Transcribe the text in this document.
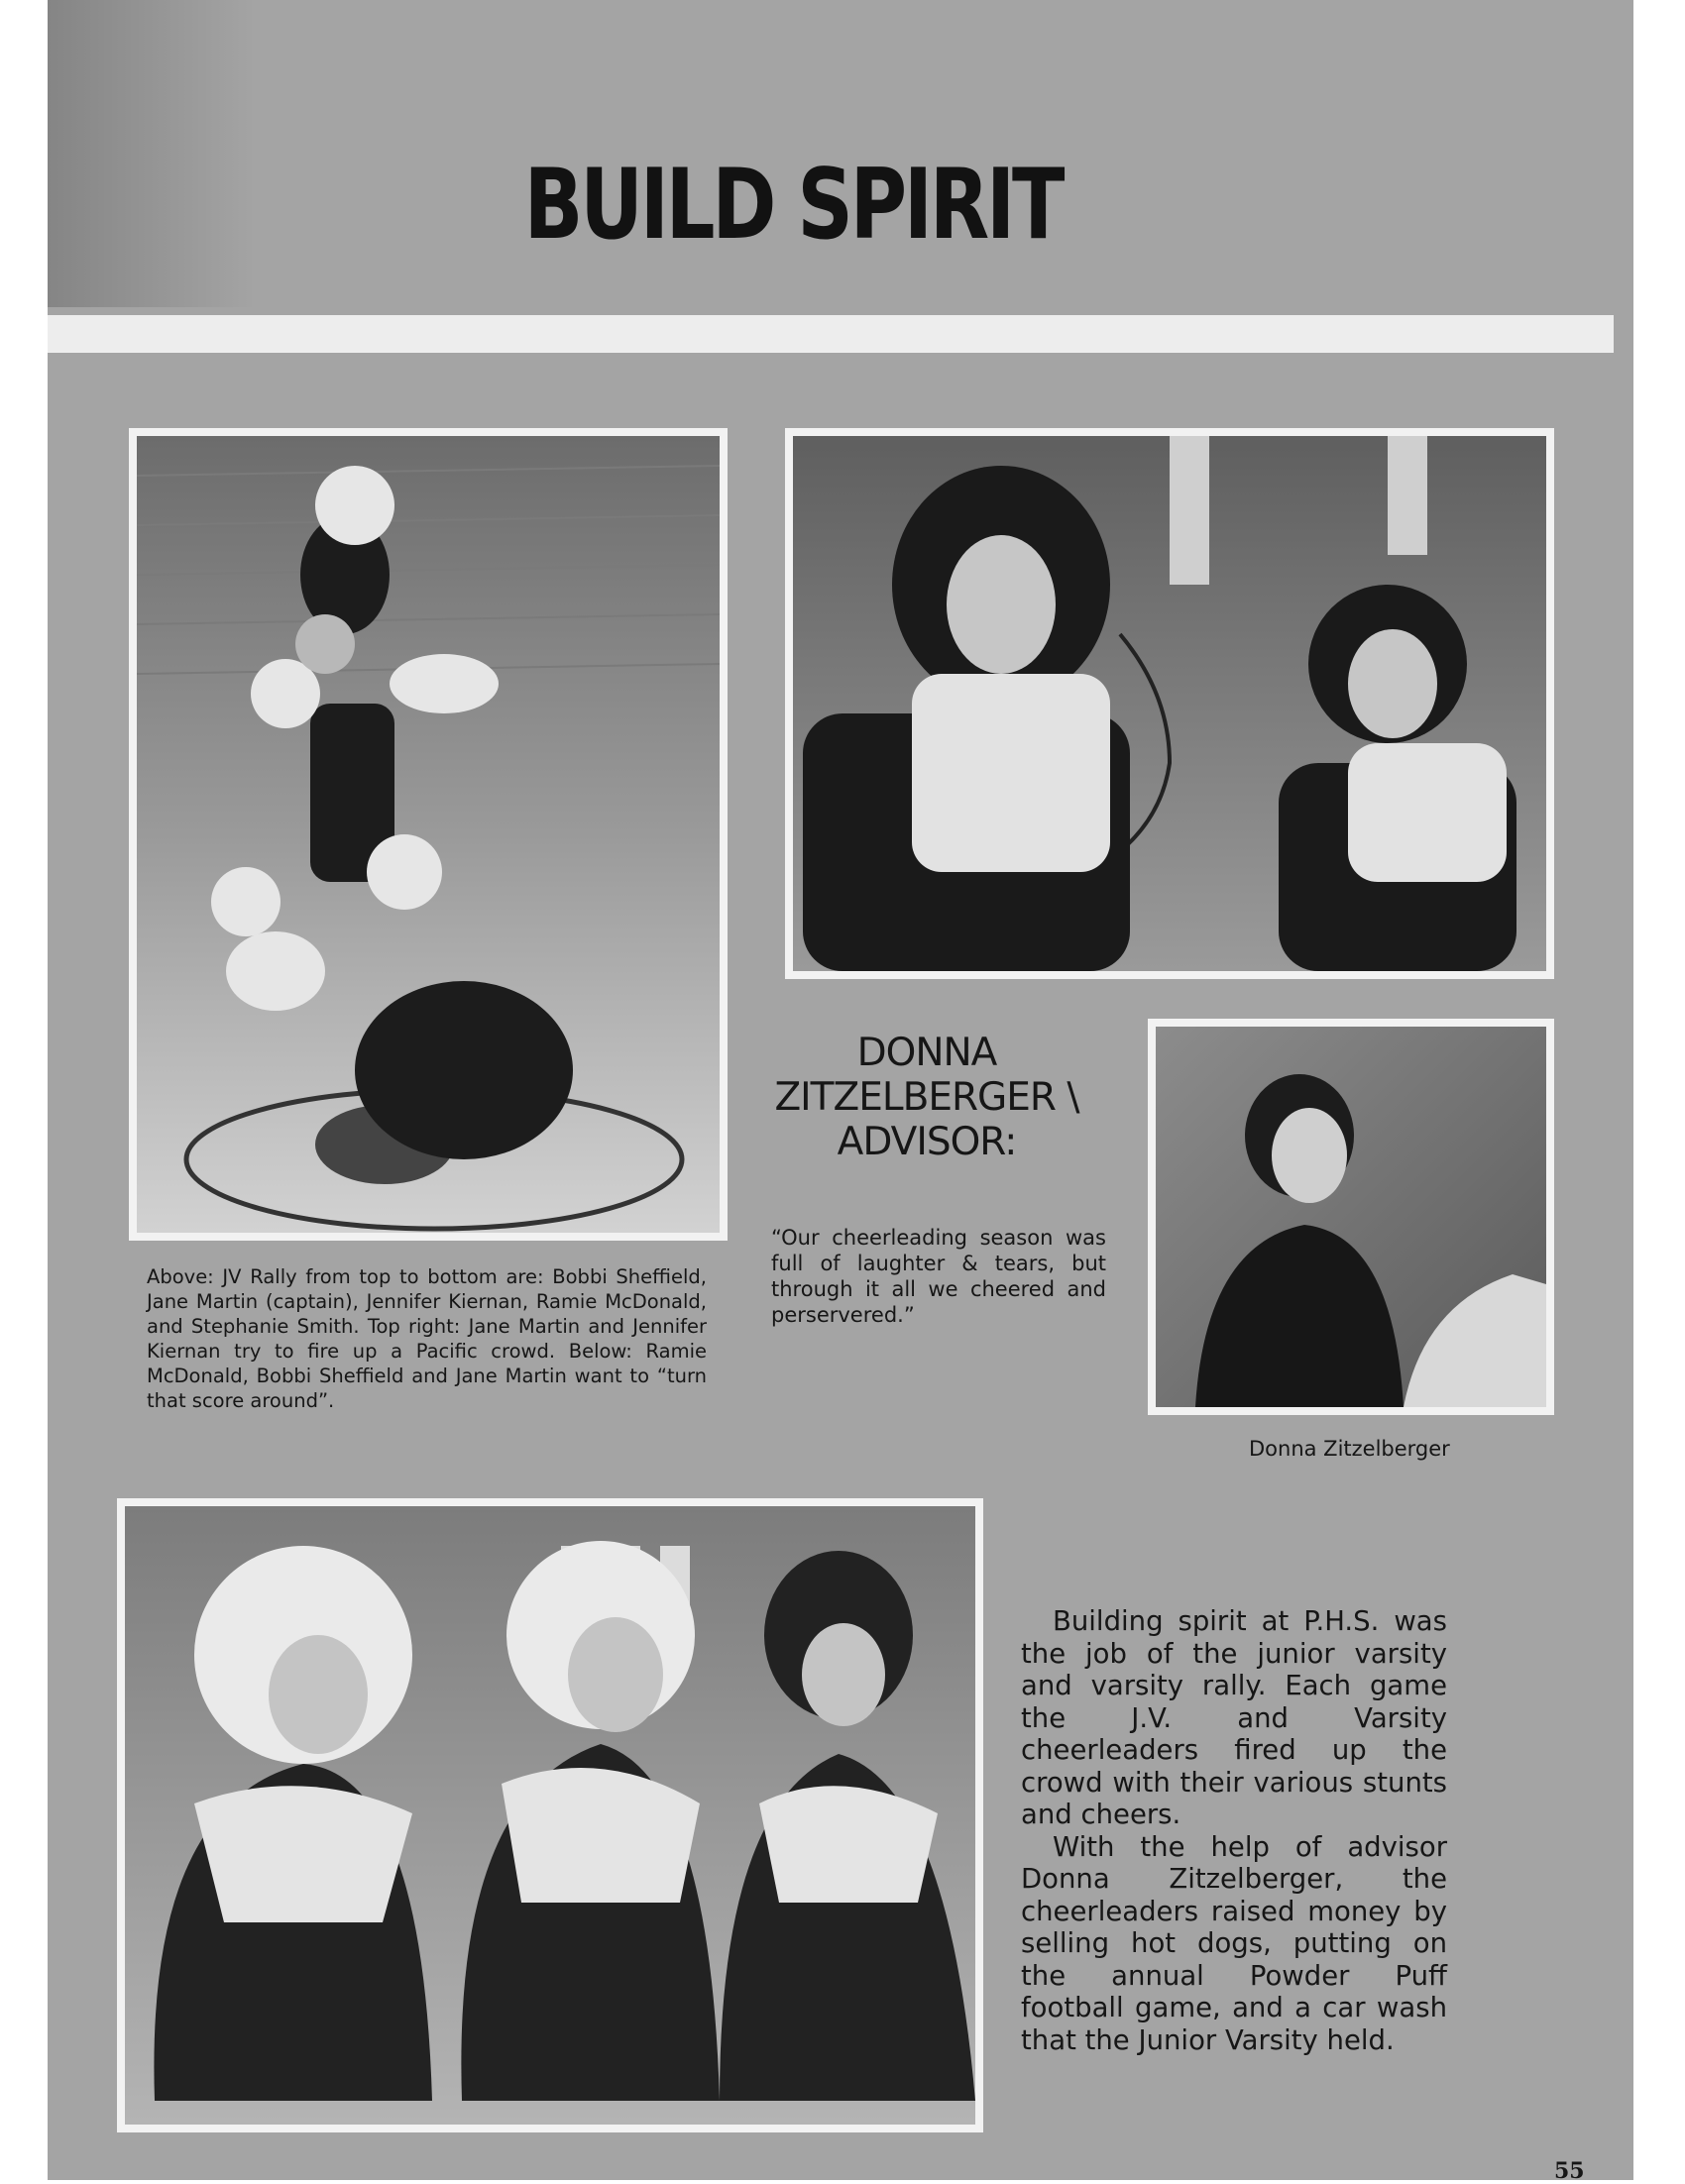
BUILD SPIRIT
DONNA
ZITZELBERGER \
ADVISOR:
“Our cheerleading season was full of laughter & tears, but through it all we cheered and perservered.”
Donna Zitzelberger
Above: JV Rally from top to bottom are: Bobbi Sheffield, Jane Martin (captain), Jennifer Kiernan, Ramie McDonald, and Stephanie Smith. Top right: Jane Martin and Jennifer Kiernan try to fire up a Pacific crowd. Below: Ramie McDonald, Bobbi Sheffield and Jane Martin want to “turn that score around”.

Building spirit at P.H.S. was the job of the junior varsity and varsity rally. Each game the J.V. and Varsity cheerleaders fired up the crowd with their various stunts and cheers.

With the help of advisor Donna Zitzelberger, the cheerleaders raised money by selling hot dogs, putting on the annual Powder Puff football game, and a car wash that the Junior Varsity held.

55
